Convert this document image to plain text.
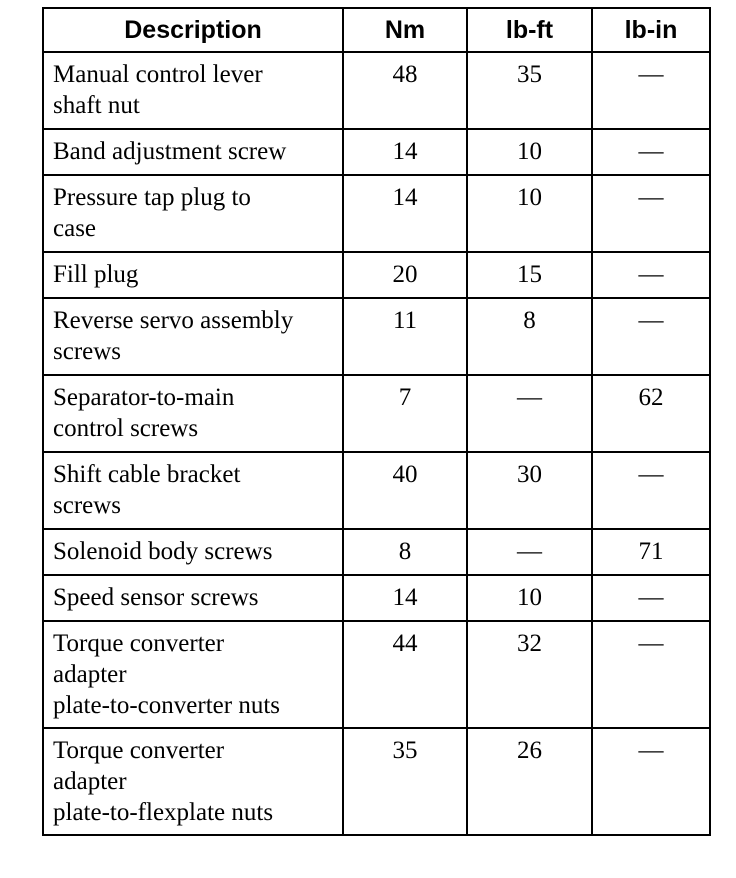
Description	Nm	lb-ft	lb-in
Manual control lever
shaft nut	48	35	—
Band adjustment screw	14	10	—
Pressure tap plug to
case	14	10	—
Fill plug	20	15	—
Reverse servo assembly
screws	11	8	—
Separator-to-main
control screws	7	—	62
Shift cable bracket
screws	40	30	—
Solenoid body screws	8	—	71
Speed sensor screws	14	10	—
Torque converter
adapter
plate-to-converter nuts	44	32	—
Torque converter
adapter
plate-to-flexplate nuts	35	26	—
